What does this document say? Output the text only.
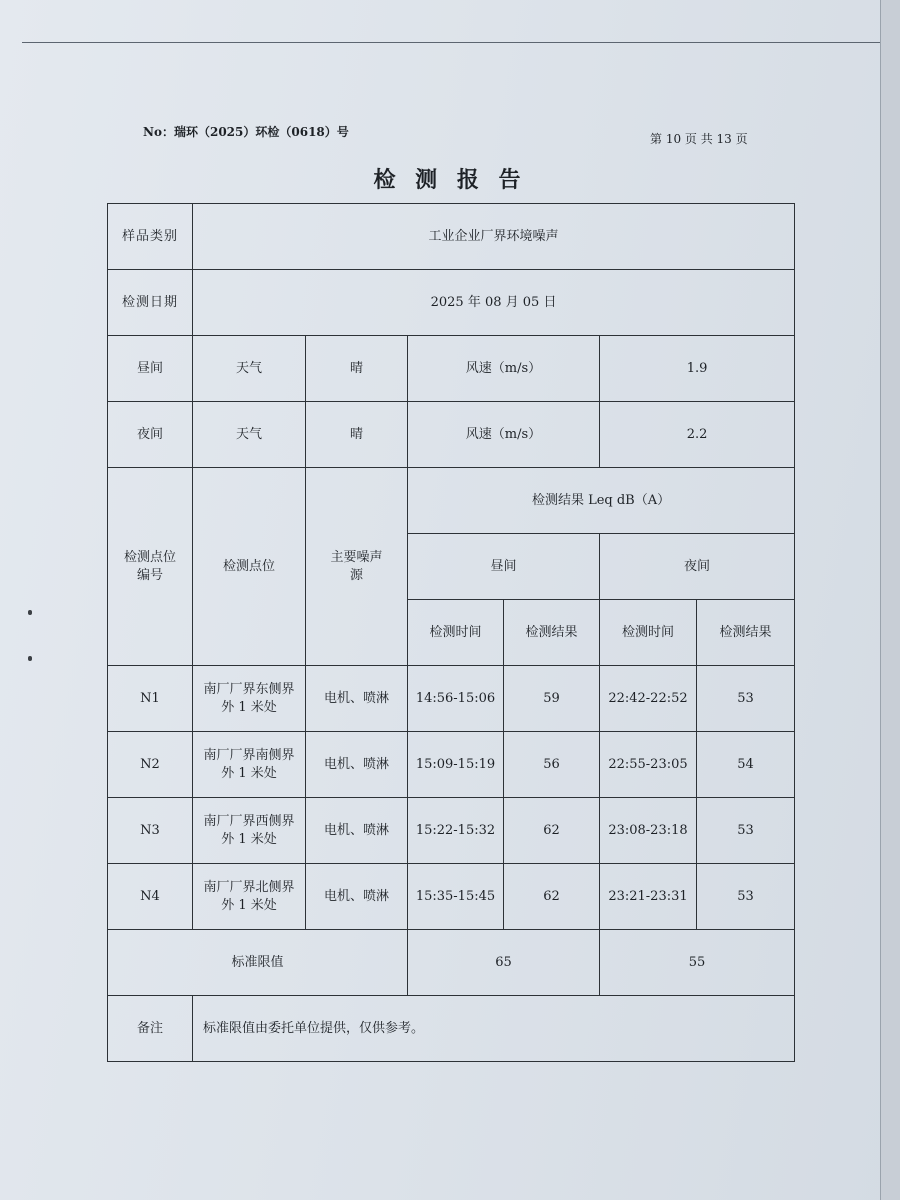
No：瑞环（2025）环检（0618）号	第 10 页 共 13 页
检 测 报 告
样品类别	工业企业厂界环境噪声					
检测日期	2025 年 08 月 05 日					
昼间	天气	晴	风速（m/s）		1.9	
夜间	天气	晴	风速（m/s）		2.2	

检测点位编号	检测点位	主要噪声源	检测结果 Leq dB（A）			
			昼间		夜间	
			检测时间	检测结果	检测时间	检测结果
N1	南厂厂界东侧界外 1 米处	电机、喷淋	14:56-15:06	59	22:42-22:52	53
N2	南厂厂界南侧界外 1 米处	电机、喷淋	15:09-15:19	56	22:55-23:05	54
N3	南厂厂界西侧界外 1 米处	电机、喷淋	15:22-15:32	62	23:08-23:18	53
N4	南厂厂界北侧界外 1 米处	电机、喷淋	15:35-15:45	62	23:21-23:31	53
标准限值			65		55	
备注	标准限值由委托单位提供，仅供参考。					
